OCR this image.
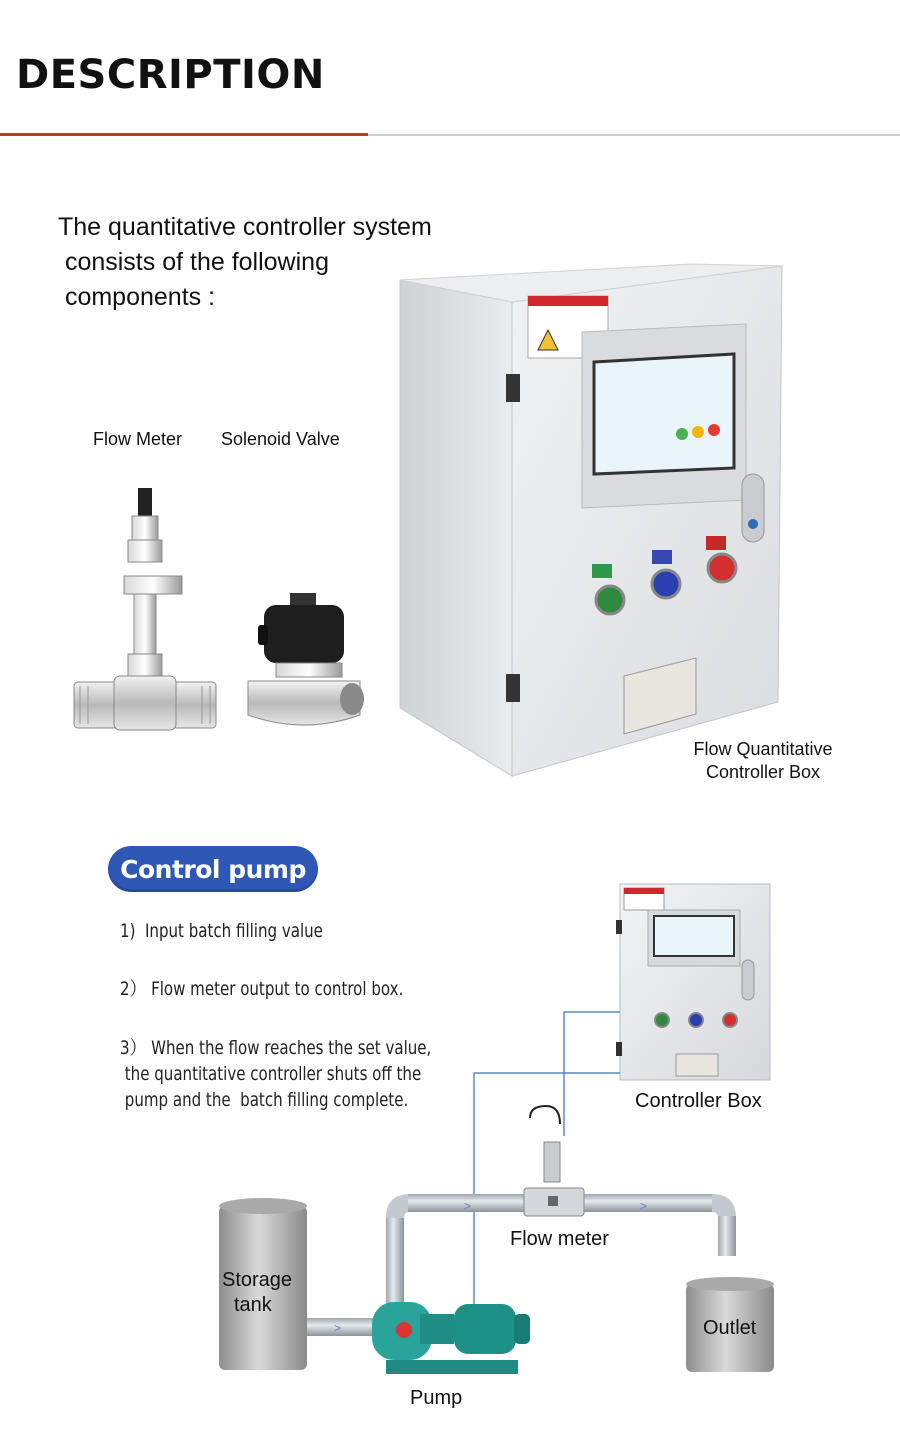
DESCRIPTION
The quantitative controller system
consists of the following
components :
Flow Meter Solenoid Valve
Flow Quantitative
Controller Box
Control pump
1)  Input batch filling value
2） Flow meter output to control box.
3） When the flow reaches the set value,
the quantitative controller shuts off the
pump and the  batch filling complete.
>	>
>
Controller Box
Flow meter
Storage
tank
Outlet
Pump
